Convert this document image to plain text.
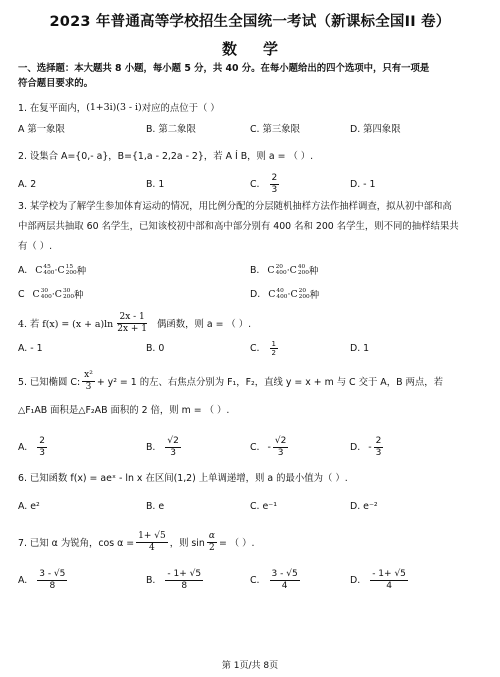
2023 年普通高等学校招生全国统一考试（新课标全国II 卷）
数学
一、选择题：本大题共 8 小题，每小题 5 分，共 40 分。在每小题给出的四个选项中，只有一项是
符合题目要求的。
1. 在复平面内， (1+3i)(3 - i) 对应的点位于（ ）
A 第一象限	B. 第二象限	C. 第三象限	D. 第四象限
2. 设集合 A={0,- a}，B={1,a - 2,2a - 2}，若 A Í B，则 a = （ ）.
A. 2	B. 1	C. $\frac{2}{3}$	D. - 1
3. 某学校为了解学生参加体育运动的情况，用比例分配的分层随机抽样方法作抽样调查，拟从初中部和高
中部两层共抽取 60 名学生，已知该校初中部和高中部分别有 400 名和 200 名学生，则不同的抽样结果共
有（ ）.
A. C 45
400 ·C 15
200 种	B. C 20
400 ·C 40
200 种
C C 30
400 ·C 30
200 种	D. C 40
400 ·C 20
200 种
4. 若 $f(x) = (x + a)\ln \frac{2x - 1}{2x + 1}$ 偶函数，则 a = （ ）.
A. - 1	B. 0	C. $\frac{1}{2}$	D. 1
5. 已知椭圆 C: $\frac{\text{x²}}{3} + y^2 = 1$ 的左、右焦点分别为 F₁，F₂，直线 y = x + m 与 C 交于 A，B 两点，若
△F₁AB 面积是△F₂AB 面积的 2 倍，则 m = （ ）.
A. $\frac{2}{3}$	B. $\frac{√2}{3}$	C. - $\frac{√2}{3}$	D. - $\frac{2}{3}$
6. 已知函数 f(x) = aeˣ - ln x 在区间(1,2) 上单调递增，则 a 的最小值为（ ）.
A. e²	B. e	C. e⁻¹	D. e⁻²
7. 已知 α 为锐角，$\cos \alpha = \frac{1+ √5}{4}$ ，则 $\sin \frac{\alpha}{2}$ = （ ）.
A. $\frac{3 - √5}{8}$	B. $\frac{- 1+ √5}{8}$	C. $\frac{3 - √5}{4}$	D. $\frac{- 1+ √5}{4}$
第 1页/共 8页
